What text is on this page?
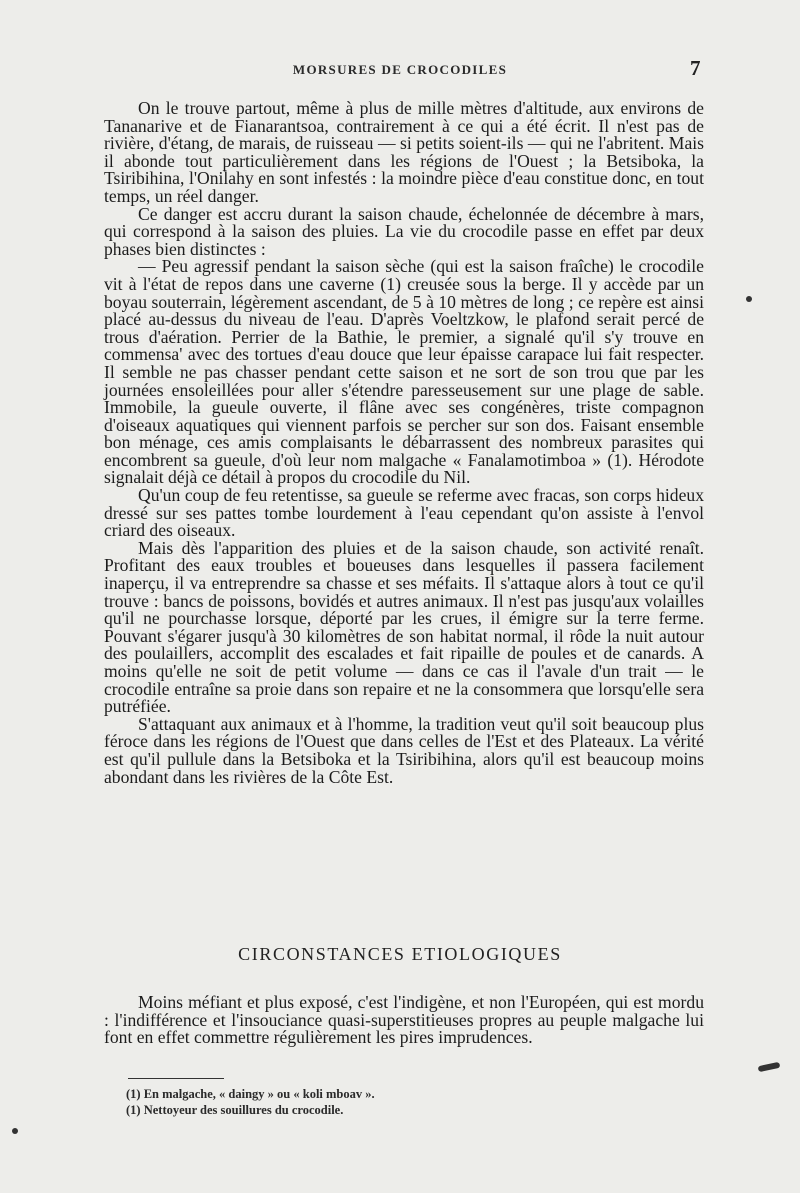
MORSURES DE CROCODILES	7

On le trouve partout, même à plus de mille mètres d'altitude, aux environs de Tananarive et de Fianarantsoa, contrairement à ce qui a été écrit. Il n'est pas de rivière, d'étang, de marais, de ruisseau — si petits soient-ils — qui ne l'abritent. Mais il abonde tout particulièrement dans les régions de l'Ouest ; la Betsiboka, la Tsiribihina, l'Onilahy en sont infestés : la moindre pièce d'eau constitue donc, en tout temps, un réel danger.

Ce danger est accru durant la saison chaude, échelonnée de décembre à mars, qui correspond à la saison des pluies. La vie du crocodile passe en effet par deux phases bien distinctes :

— Peu agressif pendant la saison sèche (qui est la saison fraîche) le crocodile vit à l'état de repos dans une caverne (1) creusée sous la berge. Il y accède par un boyau souterrain, légèrement ascendant, de 5 à 10 mètres de long ; ce repère est ainsi placé au-dessus du niveau de l'eau. D'après Voeltzkow, le plafond serait percé de trous d'aération. Perrier de la Bathie, le premier, a signalé qu'il s'y trouve en commensa' avec des tortues d'eau douce que leur épaisse carapace lui fait respecter. Il semble ne pas chasser pendant cette saison et ne sort de son trou que par les journées ensoleillées pour aller s'étendre paresseusement sur une plage de sable. Immobile, la gueule ouverte, il flâne avec ses congénères, triste compagnon d'oiseaux aquatiques qui viennent parfois se percher sur son dos. Faisant ensemble bon ménage, ces amis complaisants le débarrassent des nombreux parasites qui encombrent sa gueule, d'où leur nom malgache « Fanalamotimboa » (1). Hérodote signalait déjà ce détail à propos du crocodile du Nil.

Qu'un coup de feu retentisse, sa gueule se referme avec fracas, son corps hideux dressé sur ses pattes tombe lourdement à l'eau cependant qu'on assiste à l'envol criard des oiseaux.

Mais dès l'apparition des pluies et de la saison chaude, son activité renaît. Profitant des eaux troubles et boueuses dans lesquelles il passera facilement inaperçu, il va entreprendre sa chasse et ses méfaits. Il s'attaque alors à tout ce qu'il trouve : bancs de poissons, bovidés et autres animaux. Il n'est pas jusqu'aux volailles qu'il ne pourchasse lorsque, déporté par les crues, il émigre sur la terre ferme. Pouvant s'égarer jusqu'à 30 kilomètres de son habitat normal, il rôde la nuit autour des poulaillers, accomplit des escalades et fait ripaille de poules et de canards. A moins qu'elle ne soit de petit volume — dans ce cas il l'avale d'un trait — le crocodile entraîne sa proie dans son repaire et ne la consommera que lorsqu'elle sera putréfiée.

S'attaquant aux animaux et à l'homme, la tradition veut qu'il soit beaucoup plus féroce dans les régions de l'Ouest que dans celles de l'Est et des Plateaux. La vérité est qu'il pullule dans la Betsiboka et la Tsiribihina, alors qu'il est beaucoup moins abondant dans les rivières de la Côte Est.

CIRCONSTANCES ETIOLOGIQUES

Moins méfiant et plus exposé, c'est l'indigène, et non l'Européen, qui est mordu : l'indifférence et l'insouciance quasi-superstitieuses propres au peuple malgache lui font en effet commettre régulièrement les pires imprudences.

(1) En malgache, « daingy » ou « koli mboav ».
(1) Nettoyeur des souillures du crocodile.
